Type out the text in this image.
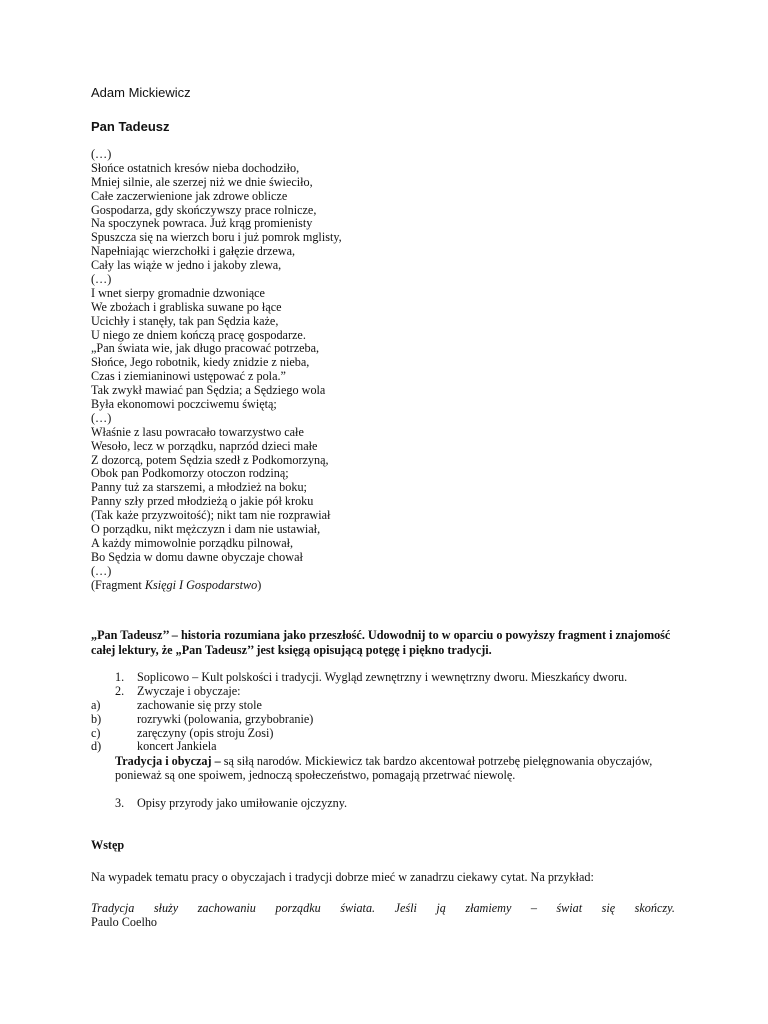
Adam Mickiewicz
Pan Tadeusz
(…)
Słońce ostatnich kresów nieba dochodziło,
Mniej silnie, ale szerzej niż we dnie świeciło,
Całe zaczerwienione jak zdrowe oblicze
Gospodarza, gdy skończywszy prace rolnicze,
Na spoczynek powraca. Już krąg promienisty
Spuszcza się na wierzch boru i już pomrok mglisty,
Napełniając wierzchołki i gałęzie drzewa,
Cały las wiąże w jedno i jakoby zlewa,
(…)
I wnet sierpy gromadnie dzwoniące
We zbożach i grabliska suwane po łące
Ucichły i stanęły, tak pan Sędzia każe,
U niego ze dniem kończą pracę gospodarze.
„Pan świata wie, jak długo pracować potrzeba,
Słońce, Jego robotnik, kiedy znidzie z nieba,
Czas i ziemianinowi ustępować z pola.”
Tak zwykł mawiać pan Sędzia; a Sędziego wola
Była ekonomowi poczciwemu świętą;
(…)
Właśnie z lasu powracało towarzystwo całe
Wesoło, lecz w porządku, naprzód dzieci małe
Z dozorcą, potem Sędzia szedł z Podkomorzyną,
Obok pan Podkomorzy otoczon rodziną;
Panny tuż za starszemi, a młodzież na boku;
Panny szły przed młodzieżą o jakie pół kroku
(Tak każe przyzwoitość); nikt tam nie rozprawiał
O porządku, nikt mężczyzn i dam nie ustawiał,
A każdy mimowolnie porządku pilnował,
Bo Sędzia w domu dawne obyczaje chował
(…)
(Fragment Księgi I Gospodarstwo)
„Pan Tadeusz’’ – historia rozumiana jako przeszłość. Udowodnij to w oparciu o powyższy fragment i znajomość całej lektury, że „Pan Tadeusz’’ jest księgą opisującą potęgę i piękno tradycji.
1. Soplicowo – Kult polskości i tradycji. Wygląd zewnętrzny i wewnętrzny dworu. Mieszkańcy dworu.
2. Zwyczaje i obyczaje:
a)	zachowanie się przy stole
b)	rozrywki (polowania, grzybobranie)
c)	zaręczyny (opis stroju Zosi)
d)	koncert Jankiela
Tradycja i obyczaj – są siłą narodów. Mickiewicz tak bardzo akcentował potrzebę pielęgnowania obyczajów, ponieważ są one spoiwem, jednoczą społeczeństwo, pomagają przetrwać niewolę.
3. Opisy przyrody jako umiłowanie ojczyzny.
Wstęp
Na wypadek tematu pracy o obyczajach i tradycji dobrze mieć w zanadrzu ciekawy cytat. Na przykład:
Tradycja służy zachowaniu porządku świata. Jeśli ją złamiemy – świat się skończy.
Paulo Coelho
